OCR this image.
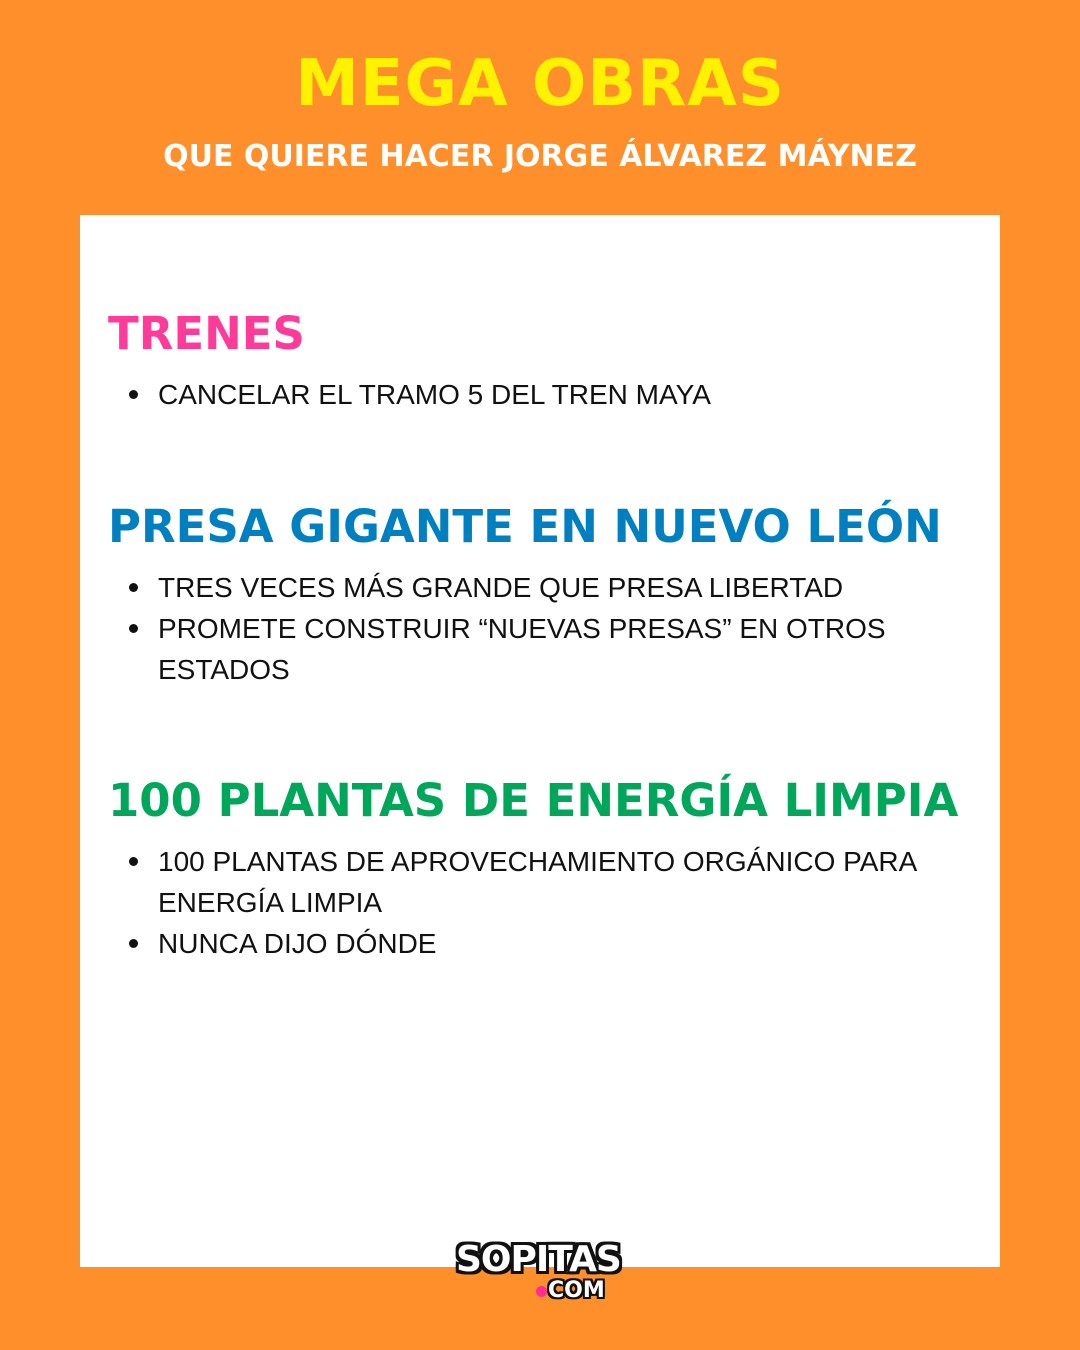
MEGA OBRAS
QUE QUIERE HACER JORGE ÁLVAREZ MÁYNEZ
TRENES
CANCELAR EL TRAMO 5 DEL TREN MAYA
PRESA GIGANTE EN NUEVO LEÓN
TRES VECES MÁS GRANDE QUE PRESA LIBERTAD
PROMETE CONSTRUIR “NUEVAS PRESAS” EN OTROS ESTADOS
100 PLANTAS DE ENERGÍA LIMPIA
100 PLANTAS DE APROVECHAMIENTO ORGÁNICO PARA ENERGÍA LIMPIA
NUNCA DIJO DÓNDE
SOPITAS
COM
